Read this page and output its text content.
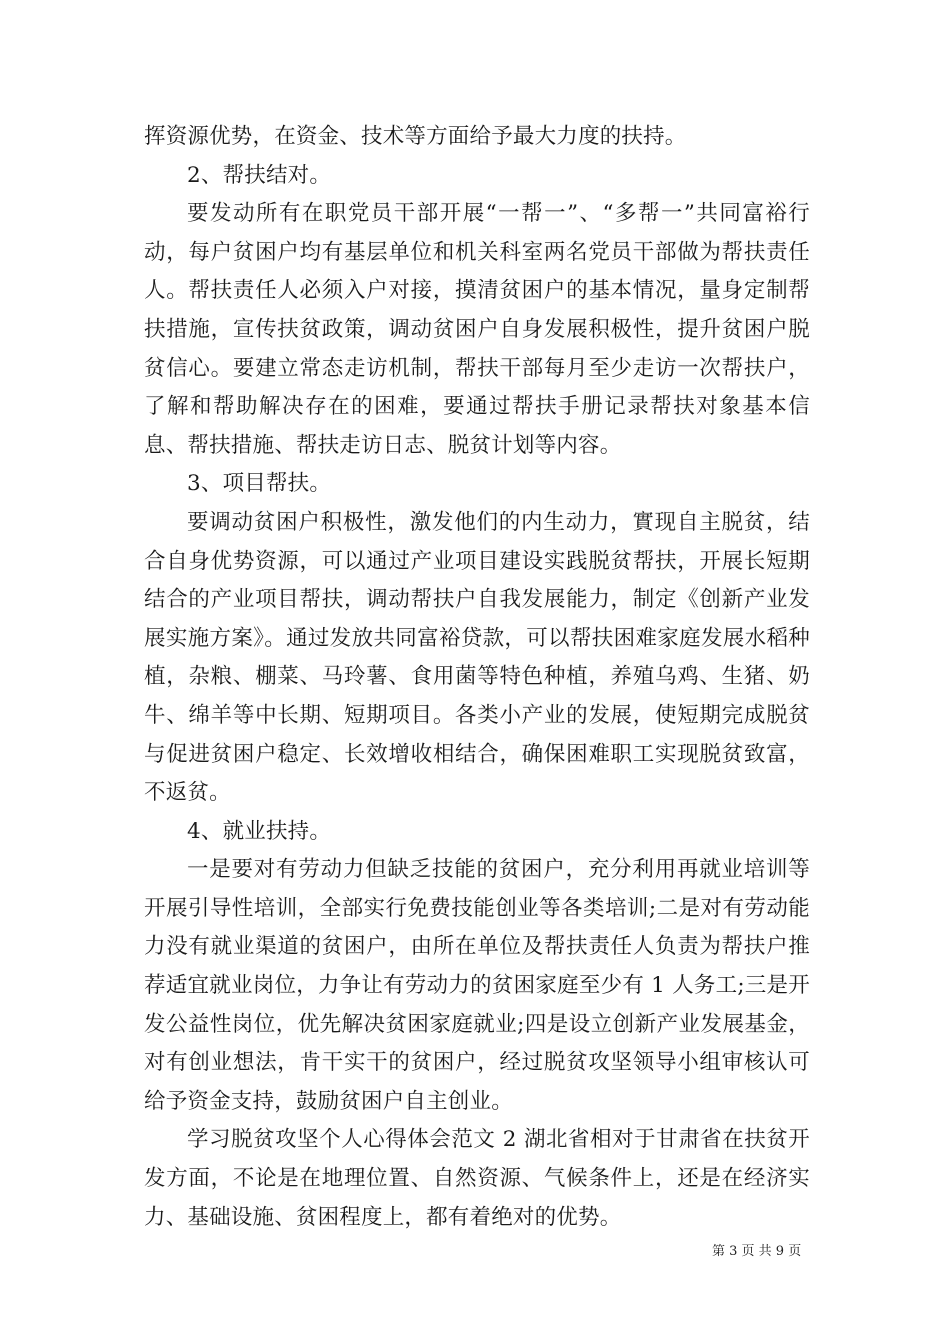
挥资源优势，在资金、技术等方面给予最大力度的扶持。

2、帮扶结对。

要发动所有在职党员干部开展“一帮一”、“多帮一”共同富裕行动，每户贫困户均有基层单位和机关科室两名党员干部做为帮扶责任人。帮扶责任人必须入户对接，摸清贫困户的基本情况，量身定制帮扶措施，宣传扶贫政策，调动贫困户自身发展积极性，提升贫困户脱贫信心。要建立常态走访机制，帮扶干部每月至少走访一次帮扶户，了解和帮助解决存在的困难，要通过帮扶手册记录帮扶对象基本信息、帮扶措施、帮扶走访日志、脱贫计划等内容。

3、项目帮扶。

要调动贫困户积极性，激发他们的内生动力，實现自主脱贫，结合自身优势资源，可以通过产业项目建设实践脱贫帮扶，开展长短期结合的产业项目帮扶，调动帮扶户自我发展能力，制定《创新产业发展实施方案》。通过发放共同富裕贷款，可以帮扶困难家庭发展水稻种植，杂粮、棚菜、马玲薯、食用菌等特色种植，养殖乌鸡、生猪、奶牛、绵羊等中长期、短期项目。各类小产业的发展，使短期完成脱贫与促进贫困户稳定、长效增收相结合，确保困难职工实现脱贫致富，不返贫。

4、就业扶持。

一是要对有劳动力但缺乏技能的贫困户，充分利用再就业培训等开展引导性培训，全部实行免费技能创业等各类培训;二是对有劳动能力没有就业渠道的贫困户，由所在单位及帮扶责任人负责为帮扶户推荐适宜就业岗位，力争让有劳动力的贫困家庭至少有 1 人务工;三是开发公益性岗位，优先解决贫困家庭就业;四是设立创新产业发展基金，对有创业想法，肯干实干的贫困户，经过脱贫攻坚领导小组审核认可给予资金支持，鼓励贫困户自主创业。

学习脱贫攻坚个人心得体会范文 2 湖北省相对于甘肃省在扶贫开发方面，不论是在地理位置、自然资源、气候条件上，还是在经济实力、基础设施、贫困程度上，都有着绝对的优势。

第 3 页 共 9 页
